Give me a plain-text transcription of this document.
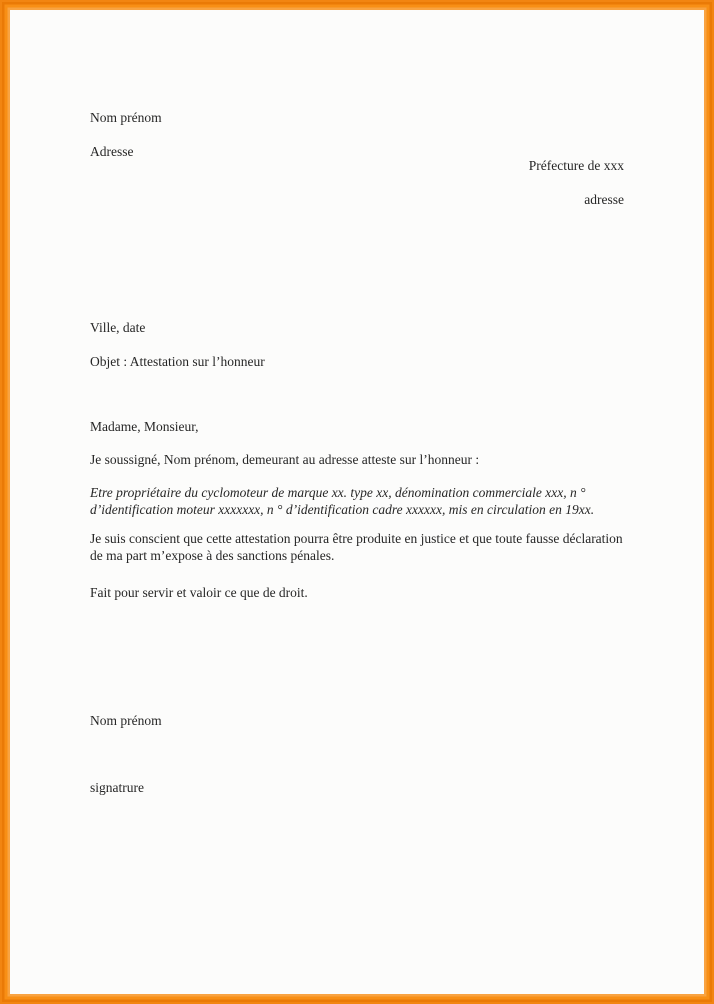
Nom prénom

Adresse

Préfecture de xxx

adresse

Ville, date
Objet : Attestation sur l’honneur
Madame, Monsieur,
Je soussigné, Nom prénom, demeurant au adresse atteste sur l’honneur :
Etre propriétaire du cyclomoteur de marque xx. type xx, dénomination commerciale xxx, n ° d’identification moteur xxxxxxx, n ° d’identification cadre xxxxxx, mis en circulation en 19xx.
Je suis conscient que cette attestation pourra être produite en justice et que toute fausse déclaration de ma part m’expose à des sanctions pénales.
Fait pour servir et valoir ce que de droit.
Nom prénom
signatrure
